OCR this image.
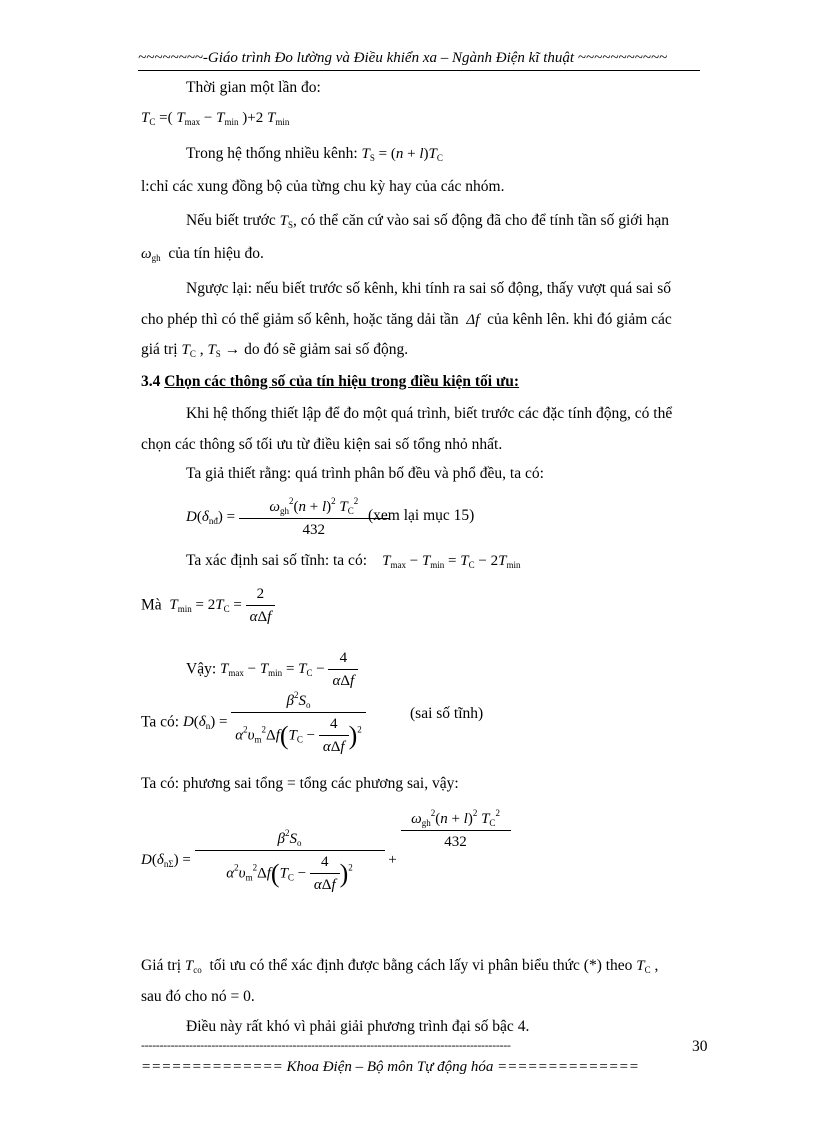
~~~~~~~~-Giáo trình Đo lường và Điều khiển xa – Ngành Điện kĩ thuật ~~~~~~~~~~~
Thời gian một lần đo:
$T_C$ =( $T_{max} - T_{min}$ )+2 $T_{min}$
Trong hệ thống nhiều kênh: $T_S = (n + l)T_C$
l:chỉ các xung đồng bộ của từng chu kỳ hay của các nhóm.
Nếu biết trước $T_S$, có thể căn cứ vào sai số động đã cho để tính tần số giới hạn
$\omega_{gh}$ của tín hiệu đo.
Ngược lại: nếu biết trước số kênh, khi tính ra sai số động, thấy vượt quá sai số
cho phép thì có thể giảm số kênh, hoặc tăng dải tần Δf của kênh lên. khi đó giảm các
giá trị $T_C$ , $T_S$ → do đó sẽ giảm sai số động.
3.4 Chọn các thông số của tín hiệu trong điều kiện tối ưu:
Khi hệ thống thiết lập để đo một quá trình, biết trước các đặc tính động, có thể
chọn các thông số tối ưu từ điều kiện sai số tổng nhỏ nhất.
Ta giả thiết rằng: quá trình phân bố đều và phổ đều, ta có:
$D(\delta_{nđ}) = \frac{\omega_{gh}^2(n + l)^2 T_C^2}{432}$
(xem lại mục 15)
Ta xác định sai số tĩnh: ta có: $T_{max} - T_{min} = T_C - 2T_{min}$
Mà $T_{min} = 2T_C = \frac{2}{\text{αΔf}}$
Vậy: $T_{max} - T_{min} = T_C - \frac{4}{\text{αΔf}}$
Ta có: $D(\delta_n) = \frac{\beta^2S_o}{\alpha^2\upsilon_m^2\Delta f(T_C - \frac{4}{\text{αΔf}} )^2}$	(sai số tĩnh)
Ta có: phương sai tổng = tổng các phương sai, vậy:
$D(\delta_{n\Sigma}) = \frac{\beta^2S_o}{\alpha^2\upsilon_m^2\Delta f(T_C - \frac{4}{\text{αΔf}} )^2}$ +
$\frac{\omega_{gh}^2(n + l)^2 T_C^2}{432}$
Giá trị $T_{co}$ tối ưu có thể xác định được bằng cách lấy vi phân biểu thức (*) theo $T_C$ ,
sau đó cho nó = 0.
Điều này rất khó vì phải giải phương trình đại số bậc 4.
----------------------------------------------------------------------------------------------------	30
============== Khoa Điện – Bộ môn Tự động hóa ==============
